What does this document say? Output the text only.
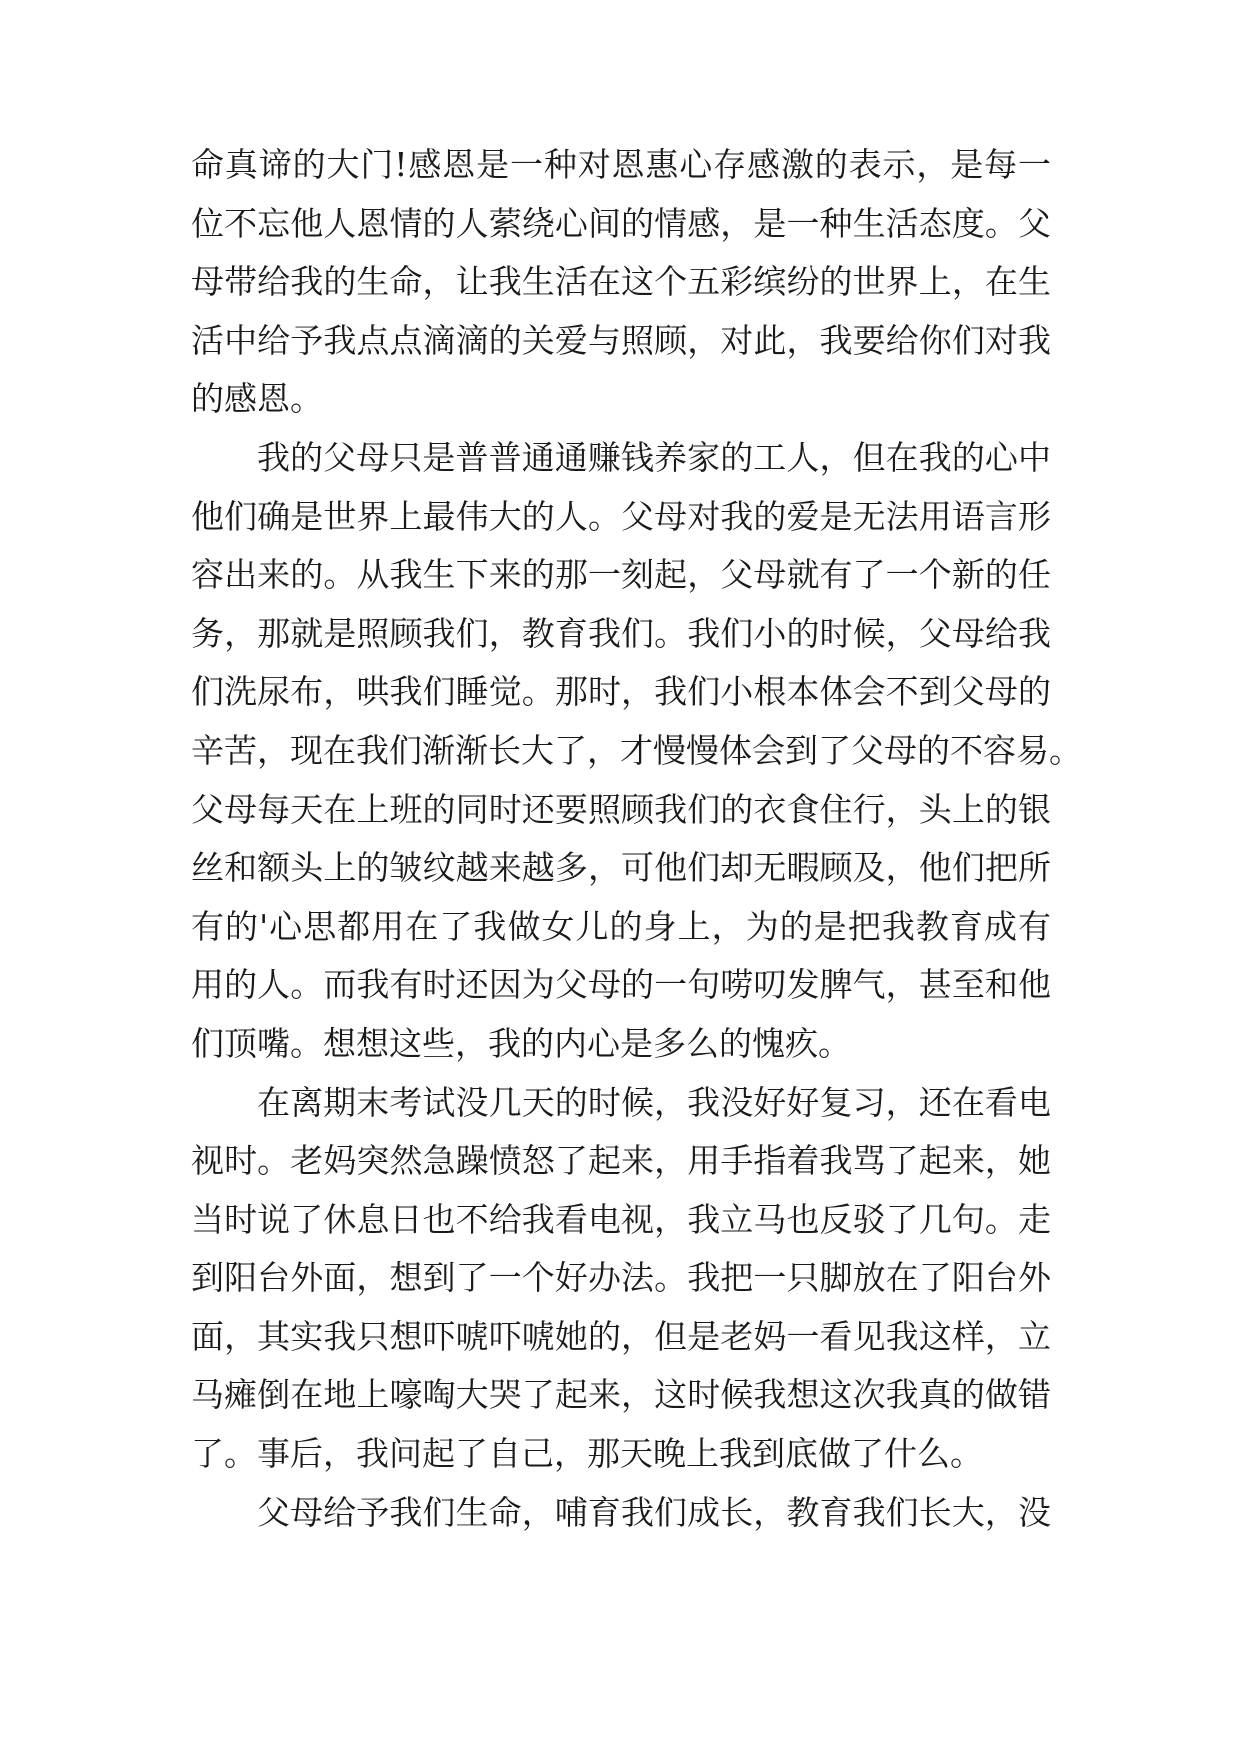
命真谛的大门!感恩是一种对恩惠心存感激的表示，是每一
位不忘他人恩情的人萦绕心间的情感，是一种生活态度。父
母带给我的生命，让我生活在这个五彩缤纷的世界上，在生
活中给予我点点滴滴的关爱与照顾，对此，我要给你们对我
的感恩。
我的父母只是普普通通赚钱养家的工人，但在我的心中
他们确是世界上最伟大的人。父母对我的爱是无法用语言形
容出来的。从我生下来的那一刻起，父母就有了一个新的任
务，那就是照顾我们，教育我们。我们小的时候，父母给我
们洗尿布，哄我们睡觉。那时，我们小根本体会不到父母的
辛苦，现在我们渐渐长大了，才慢慢体会到了父母的不容易。
父母每天在上班的同时还要照顾我们的衣食住行，头上的银
丝和额头上的皱纹越来越多，可他们却无暇顾及，他们把所
有的'心思都用在了我做女儿的身上，为的是把我教育成有
用的人。而我有时还因为父母的一句唠叨发脾气，甚至和他
们顶嘴。想想这些，我的内心是多么的愧疚。
在离期末考试没几天的时候，我没好好复习，还在看电
视时。老妈突然急躁愤怒了起来，用手指着我骂了起来，她
当时说了休息日也不给我看电视，我立马也反驳了几句。走
到阳台外面，想到了一个好办法。我把一只脚放在了阳台外
面，其实我只想吓唬吓唬她的，但是老妈一看见我这样，立
马瘫倒在地上嚎啕大哭了起来，这时候我想这次我真的做错
了。事后，我问起了自己，那天晚上我到底做了什么。
父母给予我们生命，哺育我们成长，教育我们长大，没
